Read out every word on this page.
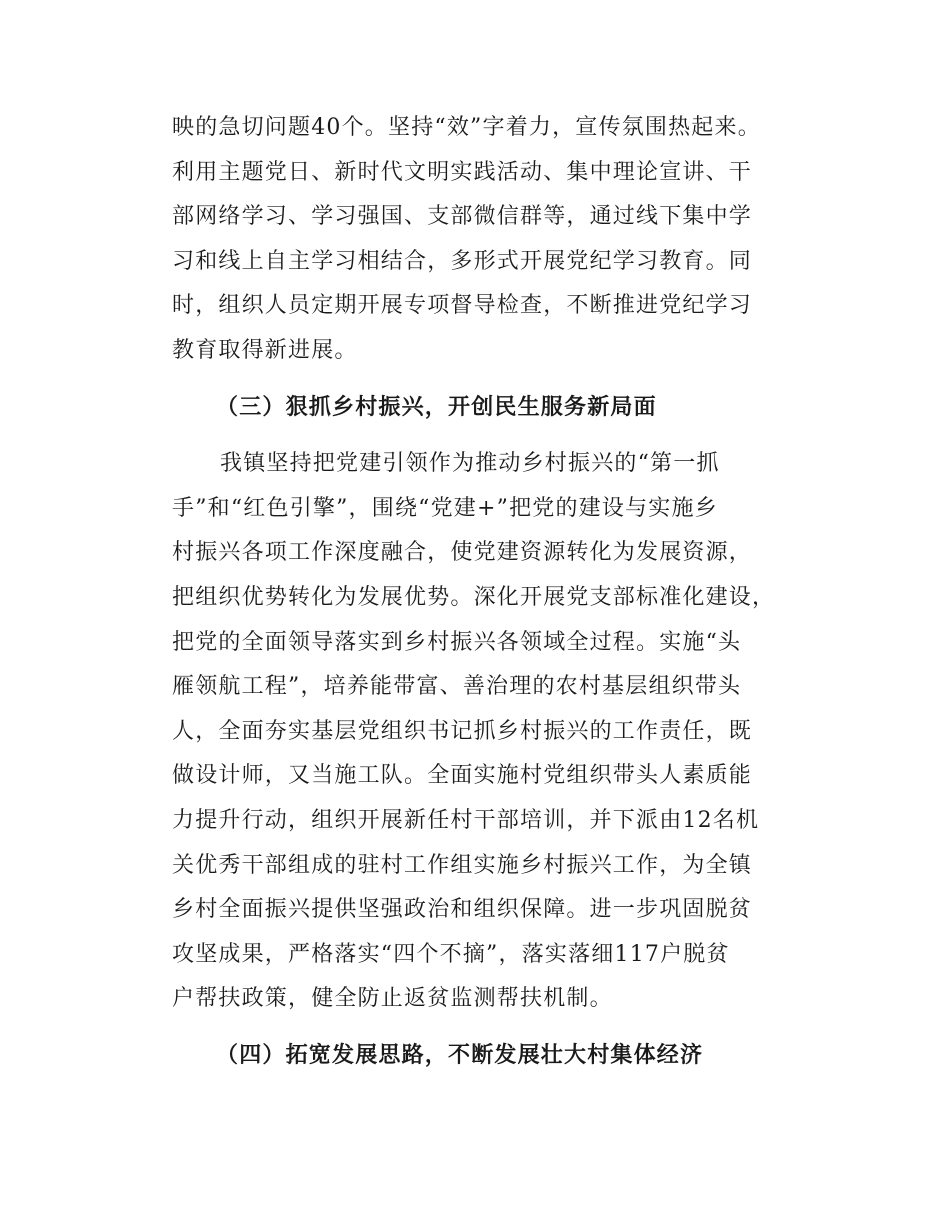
映的急切问题40个。坚持“效”字着力，宣传氛围热起来。
利用主题党日、新时代文明实践活动、集中理论宣讲、干
部网络学习、学习强国、支部微信群等，通过线下集中学
习和线上自主学习相结合，多形式开展党纪学习教育。同
时，组织人员定期开展专项督导检查，不断推进党纪学习
教育取得新进展。
（三）狠抓乡村振兴，开创民生服务新局面
我镇坚持把党建引领作为推动乡村振兴的“第一抓
手”和“红色引擎”，围绕“党建+”把党的建设与实施乡
村振兴各项工作深度融合，使党建资源转化为发展资源，
把组织优势转化为发展优势。深化开展党支部标准化建设，
把党的全面领导落实到乡村振兴各领域全过程。实施“头
雁领航工程”，培养能带富、善治理的农村基层组织带头
人，全面夯实基层党组织书记抓乡村振兴的工作责任，既
做设计师，又当施工队。全面实施村党组织带头人素质能
力提升行动，组织开展新任村干部培训，并下派由12名机
关优秀干部组成的驻村工作组实施乡村振兴工作，为全镇
乡村全面振兴提供坚强政治和组织保障。进一步巩固脱贫
攻坚成果，严格落实“四个不摘”，落实落细117户脱贫
户帮扶政策，健全防止返贫监测帮扶机制。
（四）拓宽发展思路，不断发展壮大村集体经济
